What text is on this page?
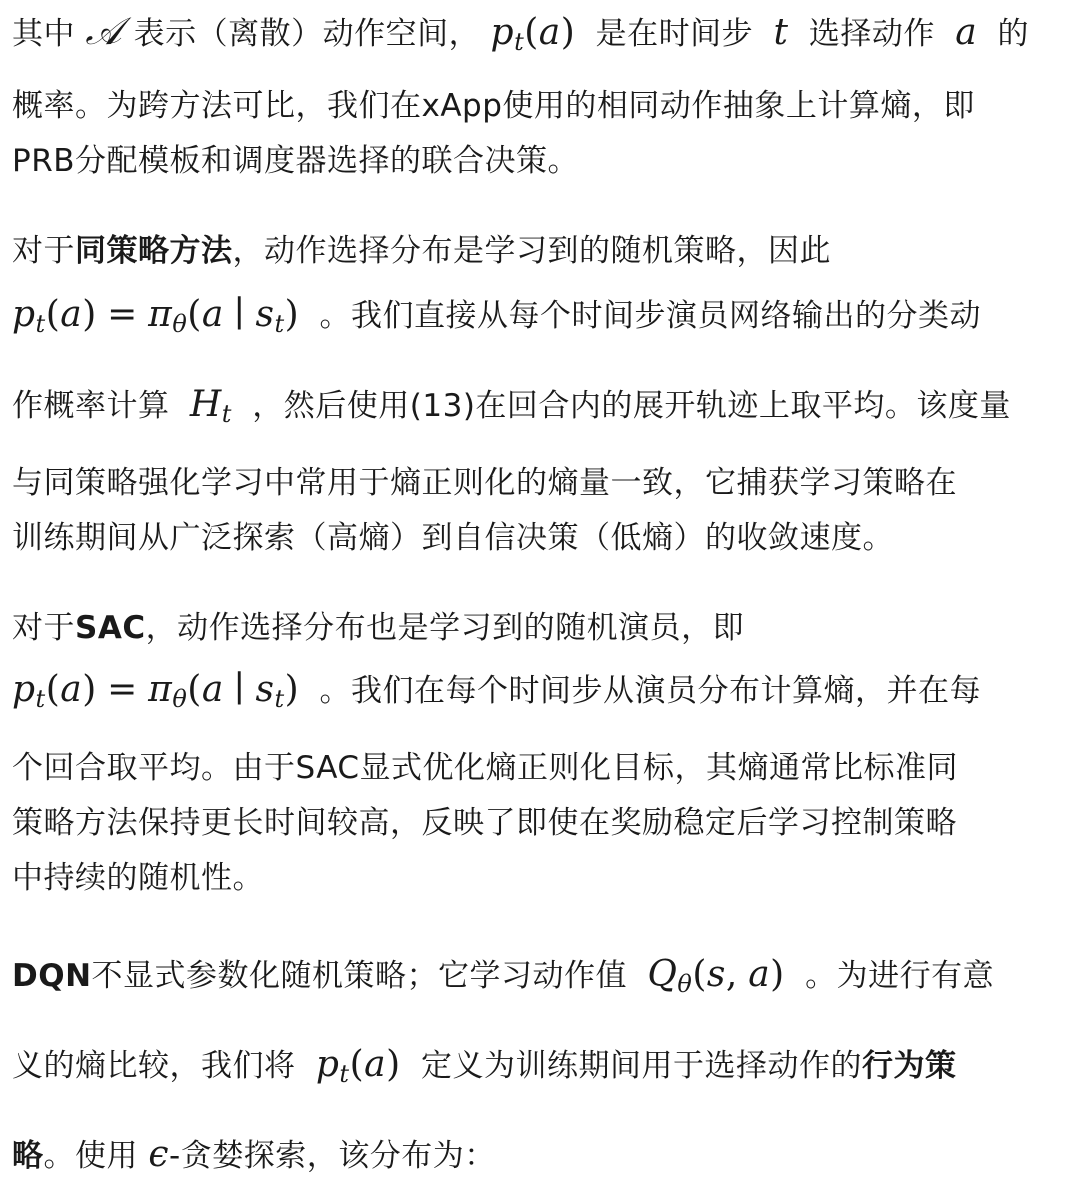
其中 𝒜 表示（离散）动作空间， $p_t(a)$ 是在时间步 t 选择动作 a 的
概率。为跨方法可比，我们在xApp使用的相同动作抽象上计算熵，即
PRB分配模板和调度器选择的联合决策。
对于同策略方法，动作选择分布是学习到的随机策略，因此
$p_t(a) = \pi_\theta(a$ ∣ $s_t$) 。我们直接从每个时间步演员网络输出的分类动
作概率计算 $H_t$ ，然后使用(13)在回合内的展开轨迹上取平均。该度量
与同策略强化学习中常用于熵正则化的熵量一致，它捕获学习策略在
训练期间从广泛探索（高熵）到自信决策（低熵）的收敛速度。
对于SAC，动作选择分布也是学习到的随机演员，即
$p_t(a) = \pi_\theta(a$ ∣ $s_t$) 。我们在每个时间步从演员分布计算熵，并在每
个回合取平均。由于SAC显式优化熵正则化目标，其熵通常比标准同
策略方法保持更长时间较高，反映了即使在奖励稳定后学习控制策略
中持续的随机性。
DQN不显式参数化随机策略；它学习动作值 $Q_\theta(s$, a) 。为进行有意
义的熵比较，我们将 $p_t(a)$ 定义为训练期间用于选择动作的行为策
略。使用 ϵ-贪婪探索，该分布为：
